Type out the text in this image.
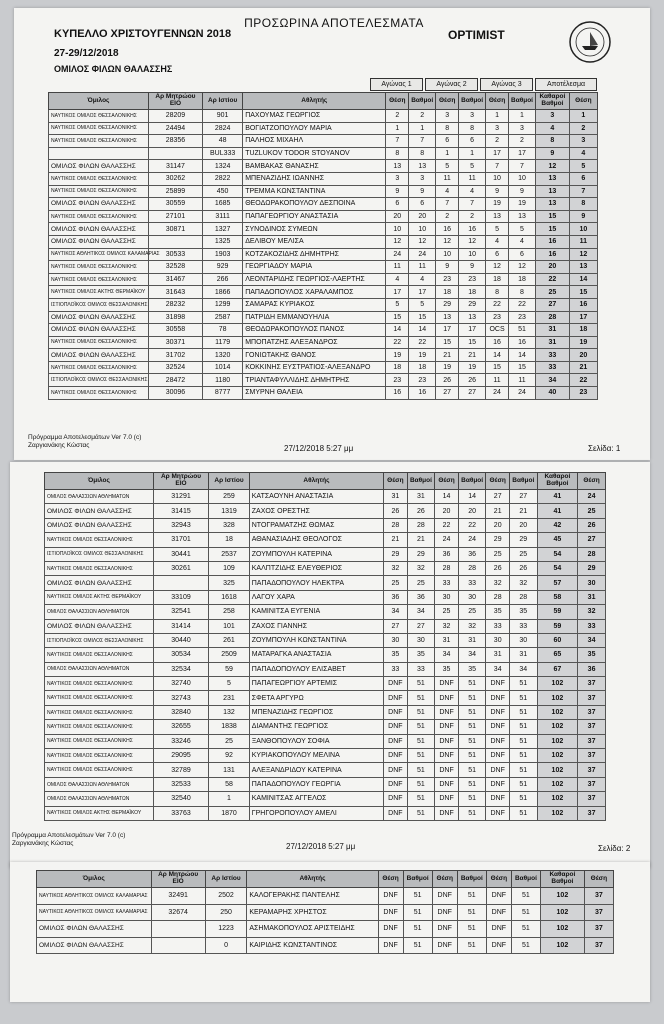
ΠΡΟΣΩΡΙΝΑ ΑΠΟΤΕΛΕΣΜΑΤΑ
ΚΥΠΕΛΛΟ ΧΡΙΣΤΟΥΓΕΝΝΩΝ 2018	OPTIMIST
27-29/12/2018
ΟΜΙΛΟΣ ΦΙΛΩΝ ΘΑΛΑΣΣΗΣ
Αγώνας 1	Αγώνας 2	Αγώνας 3	Αποτέλεσμα
Όμιλος	Αρ Μητρώου ΕΙΟ	Αρ Ιστίου	Αθλητής	Θέση	Βαθμοί	Θέση	Βαθμοί	Θέση	Βαθμοί	Καθαροί Βαθμοί	Θέση
ΝΑΥΤΙΚΟΣ ΟΜΙΛΟΣ ΘΕΣΣΑΛΟΝΙΚΗΣ	28209	901	ΠΑΧΟΥΜΑΣ ΓΕΩΡΓΙΟΣ	2	2	3	3	1	1	3	1
ΝΑΥΤΙΚΟΣ ΟΜΙΛΟΣ ΘΕΣΣΑΛΟΝΙΚΗΣ	24494	2824	ΒΟΓΙΑΤΖΟΠΟΥΛΟΥ ΜΑΡΙΑ	1	1	8	8	3	3	4	2
ΝΑΥΤΙΚΟΣ ΟΜΙΛΟΣ ΘΕΣΣΑΛΟΝΙΚΗΣ	28356	48	ΠΑΛΗΟΣ ΜΙΧΑΗΛ	7	7	6	6	2	2	8	3
		BUL333	TUZLUKOV TODOR STOYANOV	8	8	1	1	17	17	9	4
ΟΜΙΛΟΣ ΦΙΛΩΝ ΘΑΛΑΣΣΗΣ	31147	1324	ΒΑΜΒΑΚΑΣ ΘΑΝΑΣΗΣ	13	13	5	5	7	7	12	5
ΝΑΥΤΙΚΟΣ ΟΜΙΛΟΣ ΘΕΣΣΑΛΟΝΙΚΗΣ	30262	2822	ΜΠΕΝΑΖΙΔΗΣ ΙΩΑΝΝΗΣ	3	3	11	11	10	10	13	6
ΝΑΥΤΙΚΟΣ ΟΜΙΛΟΣ ΘΕΣΣΑΛΟΝΙΚΗΣ	25899	450	ΤΡΕΜΜΑ ΚΩΝΣΤΑΝΤΙΝΑ	9	9	4	4	9	9	13	7
ΟΜΙΛΟΣ ΦΙΛΩΝ ΘΑΛΑΣΣΗΣ	30559	1685	ΘΕΟΔΩΡΑΚΟΠΟΥΛΟΥ ΔΕΣΠΟΙΝΑ	6	6	7	7	19	19	13	8
ΝΑΥΤΙΚΟΣ ΟΜΙΛΟΣ ΘΕΣΣΑΛΟΝΙΚΗΣ	27101	3111	ΠΑΠΑΓΕΩΡΓΙΟΥ ΑΝΑΣΤΑΣΙΑ	20	20	2	2	13	13	15	9
ΟΜΙΛΟΣ ΦΙΛΩΝ ΘΑΛΑΣΣΗΣ	30871	1327	ΣΥΝΟΔΙΝΟΣ ΣΥΜΕΩΝ	10	10	16	16	5	5	15	10
ΟΜΙΛΟΣ ΦΙΛΩΝ ΘΑΛΑΣΣΗΣ		1325	ΔΕΛΙΒΟΥ ΜΕΛΙΣΑ	12	12	12	12	4	4	16	11
ΝΑΥΤΙΚΟΣ ΑΘΛΗΤΙΚΟΣ ΟΜΙΛΟΣ ΚΑΛΑΜΑΡΙΑΣ	30533	1903	ΚΟΤΖΑΚΟΖΙΔΗΣ ΔΗΜΗΤΡΗΣ	24	24	10	10	6	6	16	12
ΝΑΥΤΙΚΟΣ ΟΜΙΛΟΣ ΘΕΣΣΑΛΟΝΙΚΗΣ	32528	929	ΓΕΩΡΓΙΑΔΟΥ ΜΑΡΙΑ	11	11	9	9	12	12	20	13
ΝΑΥΤΙΚΟΣ ΟΜΙΛΟΣ ΘΕΣΣΑΛΟΝΙΚΗΣ	31467	266	ΛΕΟΝΤΑΡΙΔΗΣ ΓΕΩΡΓΙΟΣ-ΛΑΕΡΤΗΣ	4	4	23	23	18	18	22	14
ΝΑΥΤΙΚΟΣ ΟΜΙΛΟΣ ΑΚΤΗΣ ΘΕΡΜΑΪΚΟΥ	31643	1866	ΠΑΠΑΔΟΠΟΥΛΟΣ ΧΑΡΑΛΑΜΠΟΣ	17	17	18	18	8	8	25	15
ΙΣΤΙΟΠΛΟΪΚΟΣ ΟΜΙΛΟΣ ΘΕΣΣΑΛΟΝΙΚΗΣ	28232	1299	ΣΑΜΑΡΑΣ ΚΥΡΙΑΚΟΣ	5	5	29	29	22	22	27	16
ΟΜΙΛΟΣ ΦΙΛΩΝ ΘΑΛΑΣΣΗΣ	31898	2587	ΠΑΤΡΙΔΗ ΕΜΜΑΝΟΥΗΛΙΑ	15	15	13	13	23	23	28	17
ΟΜΙΛΟΣ ΦΙΛΩΝ ΘΑΛΑΣΣΗΣ	30558	78	ΘΕΟΔΩΡΑΚΟΠΟΥΛΟΣ ΠΑΝΟΣ	14	14	17	17	OCS	51	31	18
ΝΑΥΤΙΚΟΣ ΟΜΙΛΟΣ ΘΕΣΣΑΛΟΝΙΚΗΣ	30371	1179	ΜΠΟΠΑΤΖΗΣ ΑΛΕΞΑΝΔΡΟΣ	22	22	15	15	16	16	31	19
ΟΜΙΛΟΣ ΦΙΛΩΝ ΘΑΛΑΣΣΗΣ	31702	1320	ΓΟΝΙΩΤΑΚΗΣ ΘΑΝΟΣ	19	19	21	21	14	14	33	20
ΝΑΥΤΙΚΟΣ ΟΜΙΛΟΣ ΘΕΣΣΑΛΟΝΙΚΗΣ	32524	1014	ΚΟΚΚΙΝΗΣ ΕΥΣΤΡΑΤΙΟΣ-ΑΛΕΞΑΝΔΡΟ	18	18	19	19	15	15	33	21
ΙΣΤΙΟΠΛΟΪΚΟΣ ΟΜΙΛΟΣ ΘΕΣΣΑΛΟΝΙΚΗΣ	28472	1180	ΤΡΙΑΝΤΑΦΥΛΛΙΔΗΣ ΔΗΜΗΤΡΗΣ	23	23	26	26	11	11	34	22
ΝΑΥΤΙΚΟΣ ΟΜΙΛΟΣ ΘΕΣΣΑΛΟΝΙΚΗΣ	30096	8777	ΣΜΥΡΝΗ ΘΑΛΕΙΑ	16	16	27	27	24	24	40	23
Πρόγραμμα Αποτελεσμάτων Ver 7.0 (c)
Ζαργιανάκης Κώστας	27/12/2018 5:27 μμ	Σελίδα: 1
Όμιλος	Αρ Μητρώου ΕΙΟ	Αρ Ιστίου	Αθλητής	Θέση	Βαθμοί	Θέση	Βαθμοί	Θέση	Βαθμοί	Καθαροί Βαθμοί	Θέση
ΟΜΙΛΟΣ ΘΑΛΑΣΣΙΩΝ ΑΘΛΗΜΑΤΩΝ	31291	259	ΚΑΤΣΑΟΥΝΗ ΑΝΑΣΤΑΣΙΑ	31	31	14	14	27	27	41	24
ΟΜΙΛΟΣ ΦΙΛΩΝ ΘΑΛΑΣΣΗΣ	31415	1319	ΖΑΧΟΣ ΟΡΕΣΤΗΣ	26	26	20	20	21	21	41	25
ΟΜΙΛΟΣ ΦΙΛΩΝ ΘΑΛΑΣΣΗΣ	32943	328	ΝΤΟΓΡΑΜΑΤΖΗΣ ΘΩΜΑΣ	28	28	22	22	20	20	42	26
ΝΑΥΤΙΚΟΣ ΟΜΙΛΟΣ ΘΕΣΣΑΛΟΝΙΚΗΣ	31701	18	ΑΘΑΝΑΣΙΑΔΗΣ ΘΕΟΛΟΓΟΣ	21	21	24	24	29	29	45	27
ΙΣΤΙΟΠΛΟΪΚΟΣ ΟΜΙΛΟΣ ΘΕΣΣΑΛΟΝΙΚΗΣ	30441	2537	ΖΟΥΜΠΟΥΛΗ ΚΑΤΕΡΙΝΑ	29	29	36	36	25	25	54	28
ΝΑΥΤΙΚΟΣ ΟΜΙΛΟΣ ΘΕΣΣΑΛΟΝΙΚΗΣ	30261	109	ΚΑΛΠΤΖΙΔΗΣ ΕΛΕΥΘΕΡΙΟΣ	32	32	28	28	26	26	54	29
ΟΜΙΛΟΣ ΦΙΛΩΝ ΘΑΛΑΣΣΗΣ		325	ΠΑΠΑΔΟΠΟΥΛΟΥ ΗΛΕΚΤΡΑ	25	25	33	33	32	32	57	30
ΝΑΥΤΙΚΟΣ ΟΜΙΛΟΣ ΑΚΤΗΣ ΘΕΡΜΑΪΚΟΥ	33109	1618	ΛΑΓΟΥ ΧΑΡΑ	36	36	30	30	28	28	58	31
ΟΜΙΛΟΣ ΘΑΛΑΣΣΙΩΝ ΑΘΛΗΜΑΤΩΝ	32541	258	ΚΑΜΙΝΙΤΣΑ ΕΥΓΕΝΙΑ	34	34	25	25	35	35	59	32
ΟΜΙΛΟΣ ΦΙΛΩΝ ΘΑΛΑΣΣΗΣ	31414	101	ΖΑΧΟΣ ΓΙΑΝΝΗΣ	27	27	32	32	33	33	59	33
ΙΣΤΙΟΠΛΟΪΚΟΣ ΟΜΙΛΟΣ ΘΕΣΣΑΛΟΝΙΚΗΣ	30440	261	ΖΟΥΜΠΟΥΛΗ ΚΩΝΣΤΑΝΤΙΝΑ	30	30	31	31	30	30	60	34
ΝΑΥΤΙΚΟΣ ΟΜΙΛΟΣ ΘΕΣΣΑΛΟΝΙΚΗΣ	30534	2509	ΜΑΤΑΡΑΓΚΑ ΑΝΑΣΤΑΣΙΑ	35	35	34	34	31	31	65	35
ΟΜΙΛΟΣ ΘΑΛΑΣΣΙΩΝ ΑΘΛΗΜΑΤΩΝ	32534	59	ΠΑΠΑΔΟΠΟΥΛΟΥ ΕΛΙΣΑΒΕΤ	33	33	35	35	34	34	67	36
ΝΑΥΤΙΚΟΣ ΟΜΙΛΟΣ ΘΕΣΣΑΛΟΝΙΚΗΣ	32740	5	ΠΑΠΑΓΕΩΡΓΙΟΥ ΑΡΤΕΜΙΣ	DNF	51	DNF	51	DNF	51	102	37
ΝΑΥΤΙΚΟΣ ΟΜΙΛΟΣ ΘΕΣΣΑΛΟΝΙΚΗΣ	32743	231	ΣΦΕΤΑ ΑΡΓΥΡΩ	DNF	51	DNF	51	DNF	51	102	37
ΝΑΥΤΙΚΟΣ ΟΜΙΛΟΣ ΘΕΣΣΑΛΟΝΙΚΗΣ	32840	132	ΜΠΕΝΑΖΙΔΗΣ ΓΕΩΡΓΙΟΣ	DNF	51	DNF	51	DNF	51	102	37
ΝΑΥΤΙΚΟΣ ΟΜΙΛΟΣ ΘΕΣΣΑΛΟΝΙΚΗΣ	32655	1838	ΔΙΑΜΑΝΤΗΣ ΓΕΩΡΓΙΟΣ	DNF	51	DNF	51	DNF	51	102	37
ΝΑΥΤΙΚΟΣ ΟΜΙΛΟΣ ΘΕΣΣΑΛΟΝΙΚΗΣ	33246	25	ΞΑΝΘΟΠΟΥΛΟΥ ΣΟΦΙΑ	DNF	51	DNF	51	DNF	51	102	37
ΝΑΥΤΙΚΟΣ ΟΜΙΛΟΣ ΘΕΣΣΑΛΟΝΙΚΗΣ	29095	92	ΚΥΡΙΑΚΟΠΟΥΛΟΥ ΜΕΛΙΝΑ	DNF	51	DNF	51	DNF	51	102	37
ΝΑΥΤΙΚΟΣ ΟΜΙΛΟΣ ΘΕΣΣΑΛΟΝΙΚΗΣ	32789	131	ΑΛΕΞΑΝΔΡΙΔΟΥ ΚΑΤΕΡΙΝΑ	DNF	51	DNF	51	DNF	51	102	37
ΟΜΙΛΟΣ ΘΑΛΑΣΣΙΩΝ ΑΘΛΗΜΑΤΩΝ	32533	58	ΠΑΠΑΔΟΠΟΥΛΟΥ ΓΕΩΡΓΙΑ	DNF	51	DNF	51	DNF	51	102	37
ΟΜΙΛΟΣ ΘΑΛΑΣΣΙΩΝ ΑΘΛΗΜΑΤΩΝ	32540	1	ΚΑΜΙΝΙΤΣΑΣ ΑΓΓΕΛΟΣ	DNF	51	DNF	51	DNF	51	102	37
ΝΑΥΤΙΚΟΣ ΟΜΙΛΟΣ ΑΚΤΗΣ ΘΕΡΜΑΪΚΟΥ	33763	1870	ΓΡΗΓΟΡΟΠΟΥΛΟΥ ΑΜΕΛΙ	DNF	51	DNF	51	DNF	51	102	37
Πρόγραμμα Αποτελεσμάτων Ver 7.0 (c)
Ζαργιανάκης Κώστας	27/12/2018 5:27 μμ	Σελίδα: 2
Όμιλος	Αρ Μητρώου ΕΙΟ	Αρ Ιστίου	Αθλητής	Θέση	Βαθμοί	Θέση	Βαθμοί	Θέση	Βαθμοί	Καθαροί Βαθμοί	Θέση
ΝΑΥΤΙΚΟΣ ΑΘΛΗΤΙΚΟΣ ΟΜΙΛΟΣ ΚΑΛΑΜΑΡΙΑΣ	32491	2502	ΚΑΛΟΓΕΡΑΚΗΣ ΠΑΝΤΕΛΗΣ	DNF	51	DNF	51	DNF	51	102	37
ΝΑΥΤΙΚΟΣ ΑΘΛΗΤΙΚΟΣ ΟΜΙΛΟΣ ΚΑΛΑΜΑΡΙΑΣ	32674	250	ΚΕΡΑΜΑΡΗΣ ΧΡΗΣΤΟΣ	DNF	51	DNF	51	DNF	51	102	37
ΟΜΙΛΟΣ ΦΙΛΩΝ ΘΑΛΑΣΣΗΣ		1223	ΑΣΗΜΑΚΟΠΟΥΛΟΣ ΑΡΙΣΤΕΙΔΗΣ	DNF	51	DNF	51	DNF	51	102	37
ΟΜΙΛΟΣ ΦΙΛΩΝ ΘΑΛΑΣΣΗΣ		0	ΚΑΙΡΙΔΗΣ ΚΩΝΣΤΑΝΤΙΝΟΣ	DNF	51	DNF	51	DNF	51	102	37
